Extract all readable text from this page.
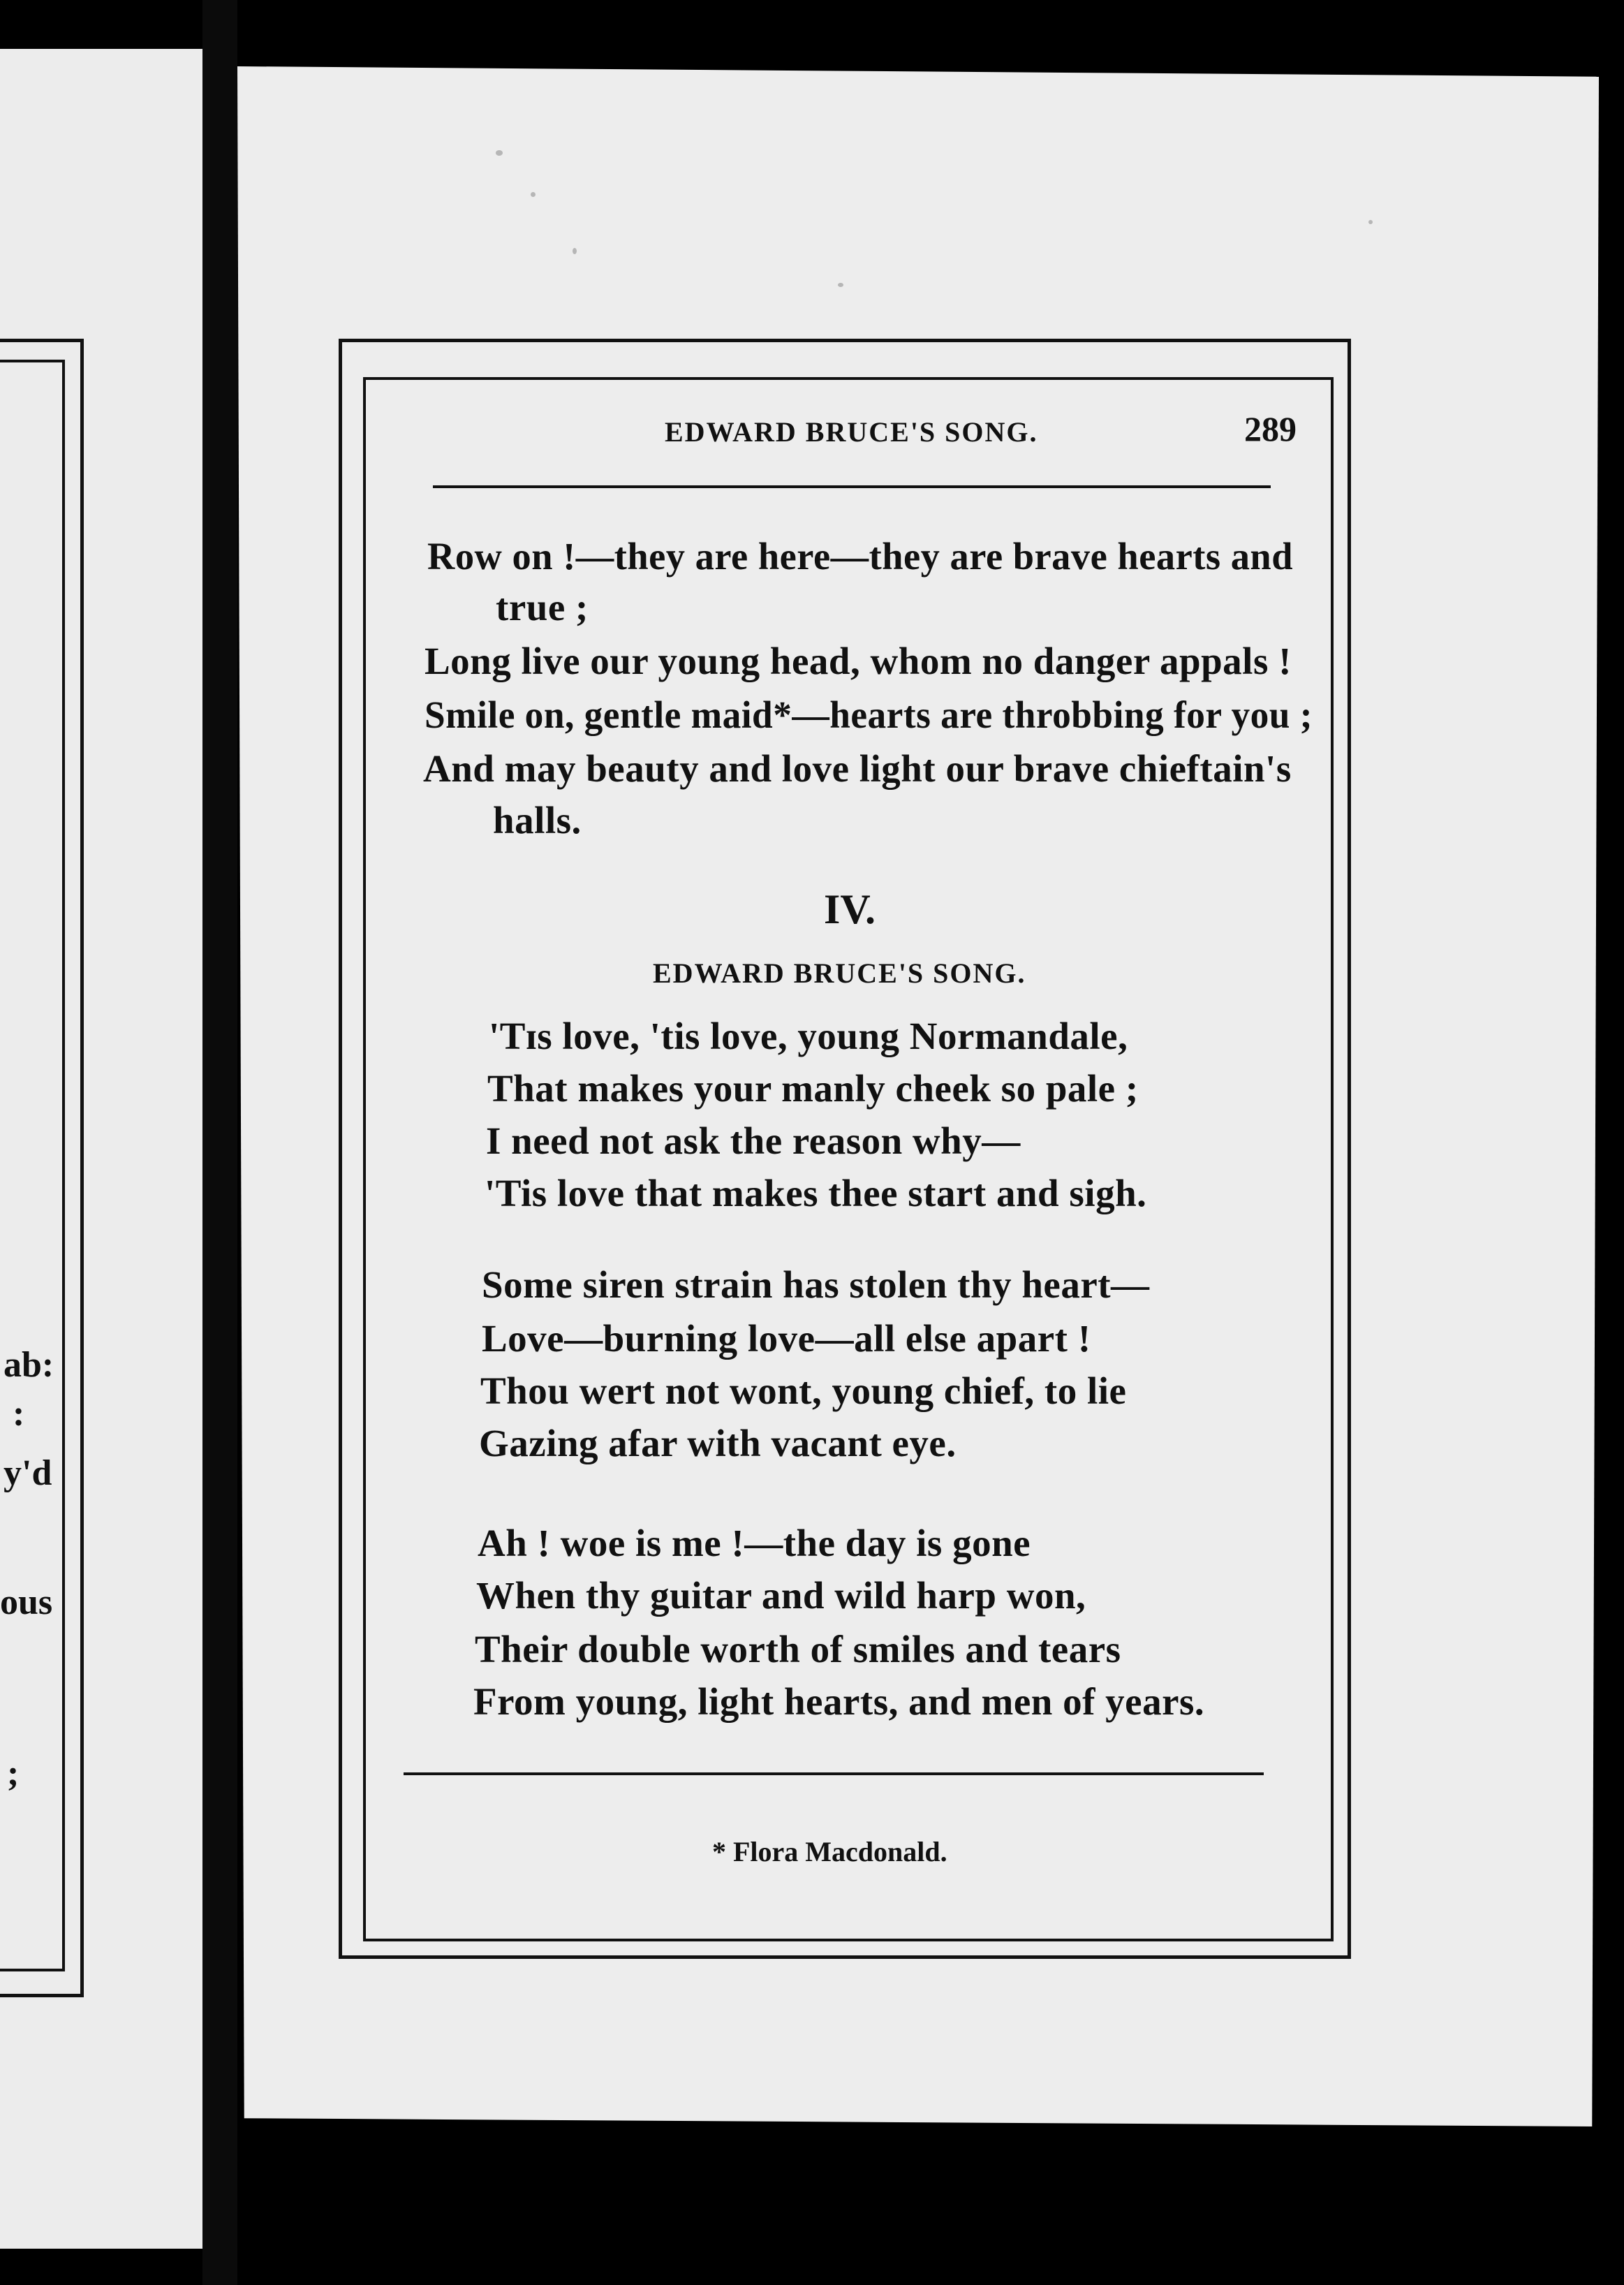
ab:
:
y'd
ous
;
EDWARD BRUCE'S SONG.	289
Row on !—they are here—they are brave hearts and
true ;
Long live our young head, whom no danger appals !
Smile on, gentle maid*—hearts are throbbing for you ;
And may beauty and love light our brave chieftain's
halls.
IV.
EDWARD BRUCE'S SONG.
'Tɪs love, 'tis love, young Normandale,
That makes your manly cheek so pale ;
I need not ask the reason why—
'Tis love that makes thee start and sigh.
Some siren strain has stolen thy heart—
Love—burning love—all else apart !
Thou wert not wont, young chief, to lie
Gazing afar with vacant eye.
Ah ! woe is me !—the day is gone
When thy guitar and wild harp won,
Their double worth of smiles and tears
From young, light hearts, and men of years.
* Flora Macdonald.
